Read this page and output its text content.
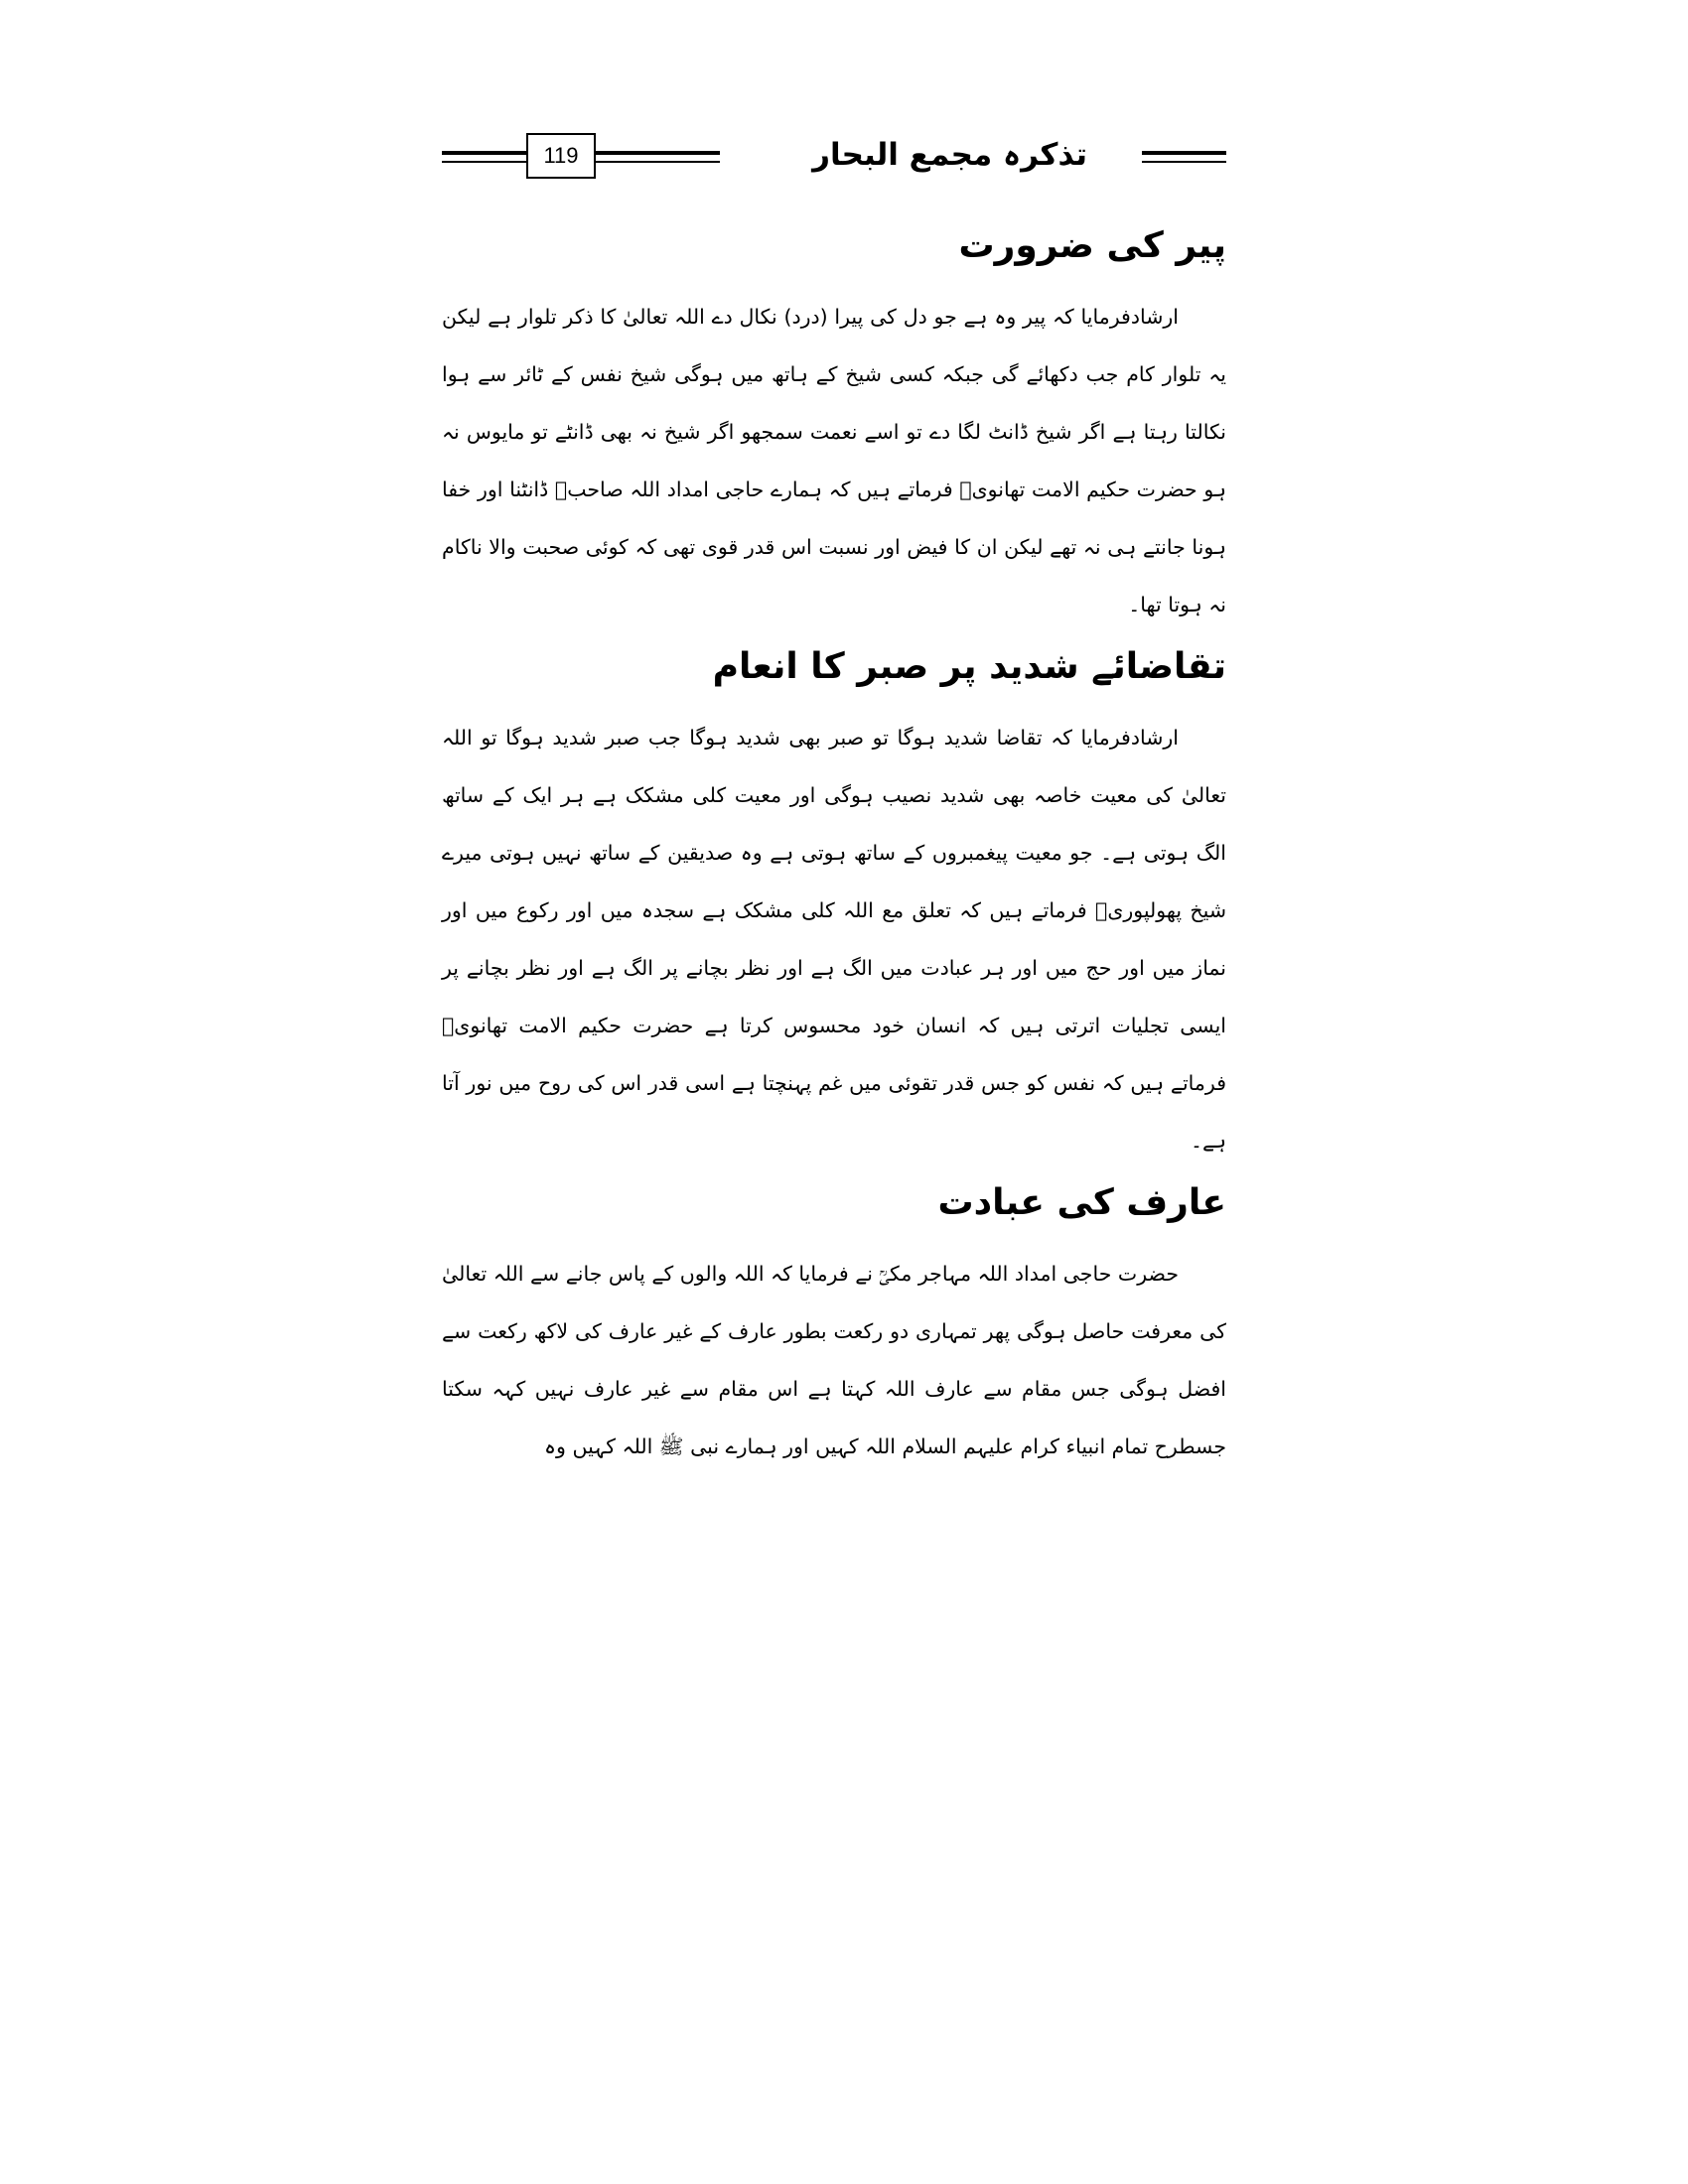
119	تذکرہ مجمع البحار
پیر کی ضرورت

ارشادفرمایا کہ پیر وہ ہے جو دل کی پیرا (درد) نکال دے اللہ تعالیٰ کا ذکر تلوار ہے لیکن یہ تلوار کام جب دکھائے گی جبکہ کسی شیخ کے ہاتھ میں ہوگی شیخ نفس کے ٹائر سے ہوا نکالتا رہتا ہے اگر شیخ ڈانٹ لگا دے تو اسے نعمت سمجھو اگر شیخ نہ بھی ڈانٹے تو مایوس نہ ہو حضرت حکیم الامت تھانویؒ فرماتے ہیں کہ ہمارے حاجی امداد اللہ صاحبؒ ڈانٹنا اور خفا ہونا جانتے ہی نہ تھے لیکن ان کا فیض اور نسبت اس قدر قوی تھی کہ کوئی صحبت والا ناکام نہ ہوتا تھا۔

تقاضائے شدید پر صبر کا انعام

ارشادفرمایا کہ تقاضا شدید ہوگا تو صبر بھی شدید ہوگا جب صبر شدید ہوگا تو اللہ تعالیٰ کی معیت خاصہ بھی شدید نصیب ہوگی اور معیت کلی مشکک ہے ہر ایک کے ساتھ الگ ہوتی ہے۔ جو معیت پیغمبروں کے ساتھ ہوتی ہے وہ صدیقین کے ساتھ نہیں ہوتی میرے شیخ پھولپوریؒ فرماتے ہیں کہ تعلق مع اللہ کلی مشکک ہے سجدہ میں اور رکوع میں اور نماز میں اور حج میں اور ہر عبادت میں الگ ہے اور نظر بچانے پر الگ ہے اور نظر بچانے پر ایسی تجلیات اترتی ہیں کہ انسان خود محسوس کرتا ہے حضرت حکیم الامت تھانویؒ فرماتے ہیں کہ نفس کو جس قدر تقوئی میں غم پہنچتا ہے اسی قدر اس کی روح میں نور آتا ہے۔

عارف کی عبادت

حضرت حاجی امداد اللہ مہاجر مکیؒ نے فرمایا کہ اللہ والوں کے پاس جانے سے اللہ تعالیٰ کی معرفت حاصل ہوگی پھر تمہاری دو رکعت بطور عارف کے غیر عارف کی لاکھ رکعت سے افضل ہوگی جس مقام سے عارف اللہ کہتا ہے اس مقام سے غیر عارف نہیں کہہ سکتا جسطرح تمام انبیاء کرام علیہم السلام اللہ کہیں اور ہمارے نبی ﷺ اللہ کہیں وہ
